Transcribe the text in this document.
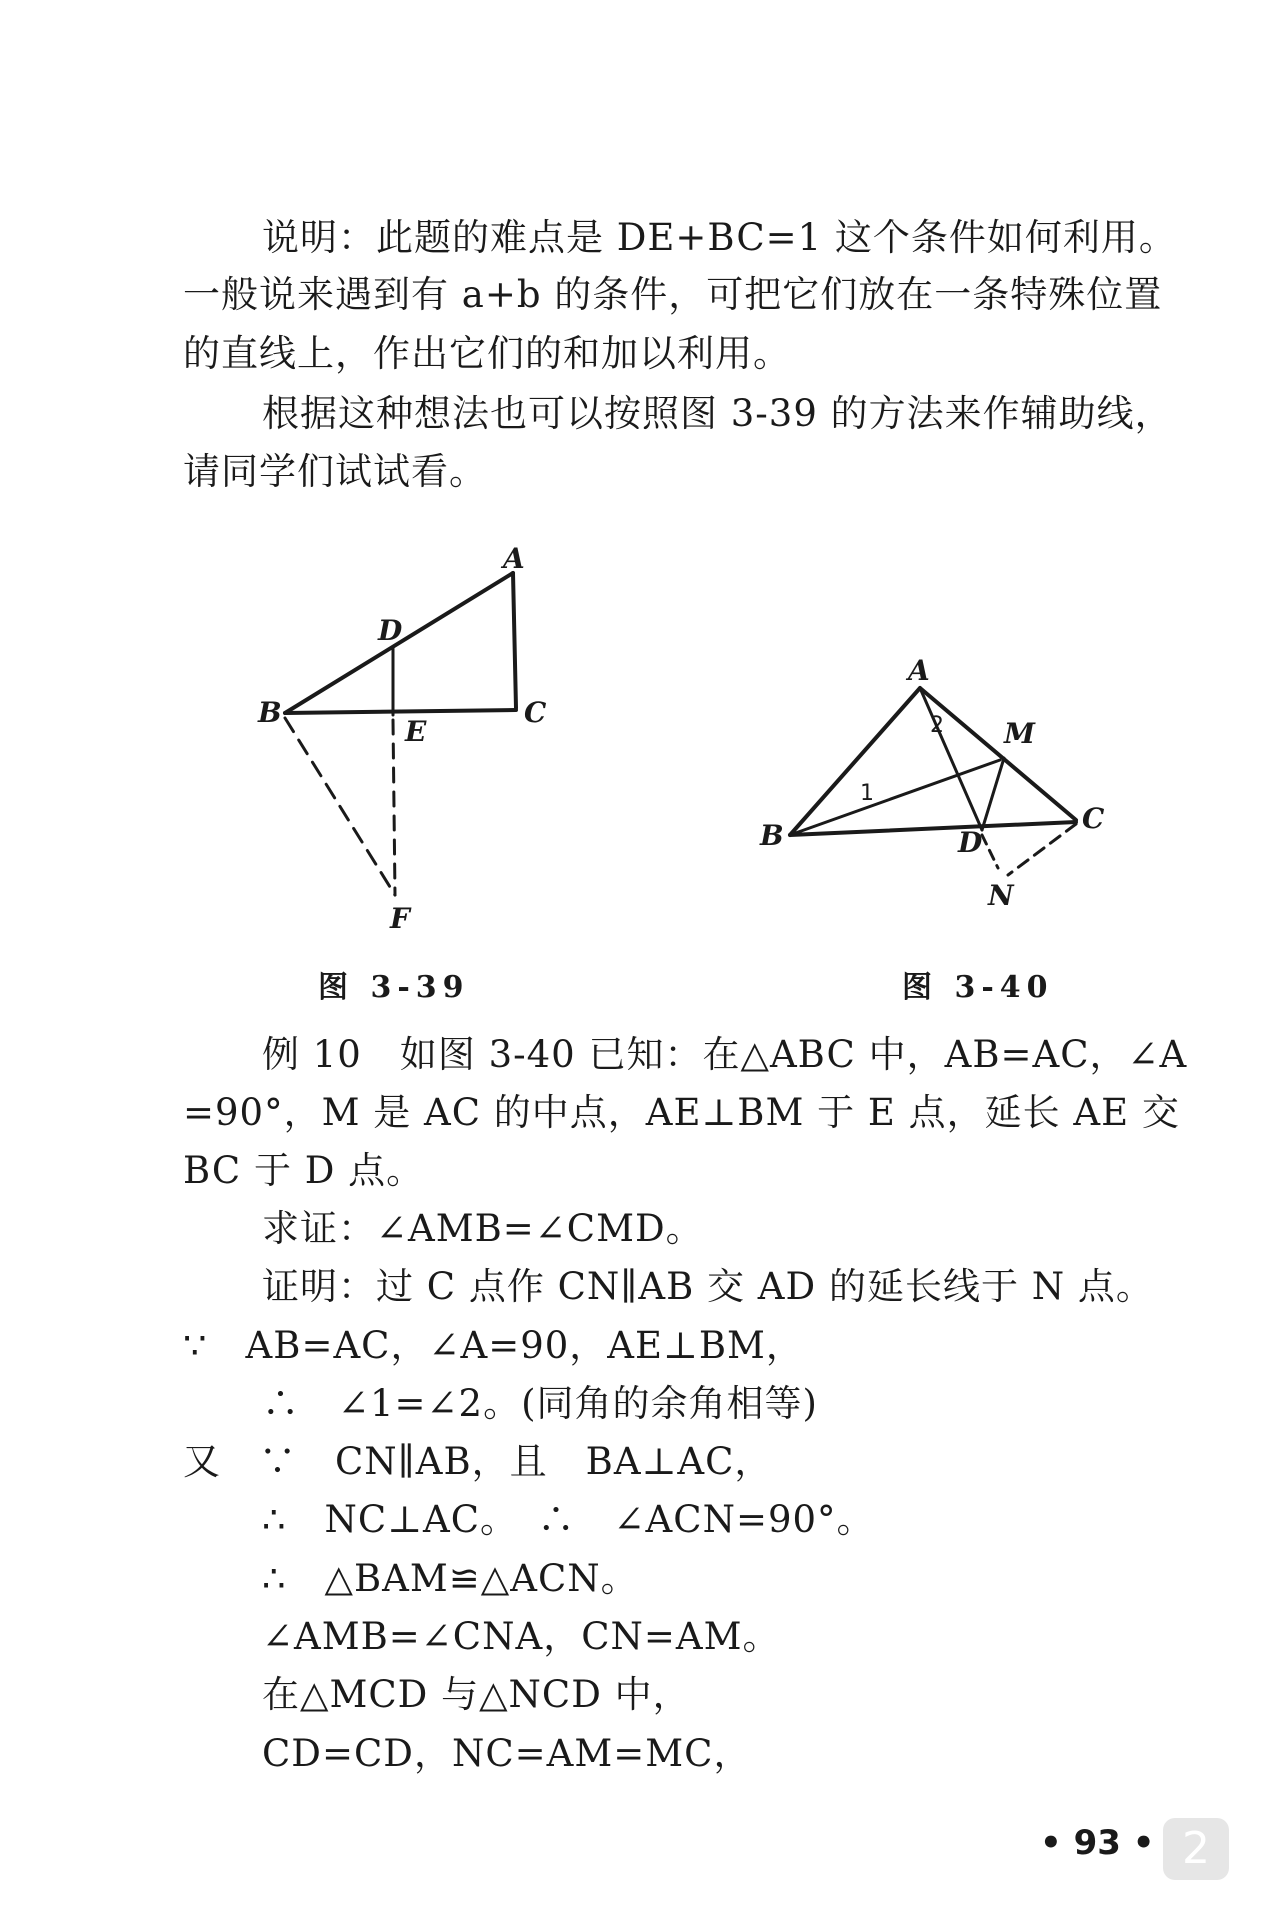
说明：此题的难点是 DE+BC=1 这个条件如何利用。
一般说来遇到有 a+b 的条件，可把它们放在一条特殊位置
的直线上，作出它们的和加以利用。
根据这种想法也可以按照图 3-39 的方法来作辅助线，
请同学们试试看。
A
B	C
D
E
F
图 3-39
A
B
C
D
M
N
1
2
图 3-40
例 10　如图 3-40 已知：在△ABC 中，AB=AC，∠A
=90°，M 是 AC 的中点，AE⊥BM 于 E 点，延长 AE 交
BC 于 D 点。
求证：∠AMB=∠CMD。
证明：过 C 点作 CN∥AB 交 AD 的延长线于 N 点。
∵　AB=AC，∠A=90，AE⊥BM，
∴　∠1=∠2。(同角的余角相等)
又　∵　CN∥AB，且　BA⊥AC，
∴　NC⊥AC。　∴　∠ACN=90°。
∴　△BAM≌△ACN。
∠AMB=∠CNA，CN=AM。
在△MCD 与△NCD 中，
CD=CD，NC=AM=MC，
• 93 • 2
